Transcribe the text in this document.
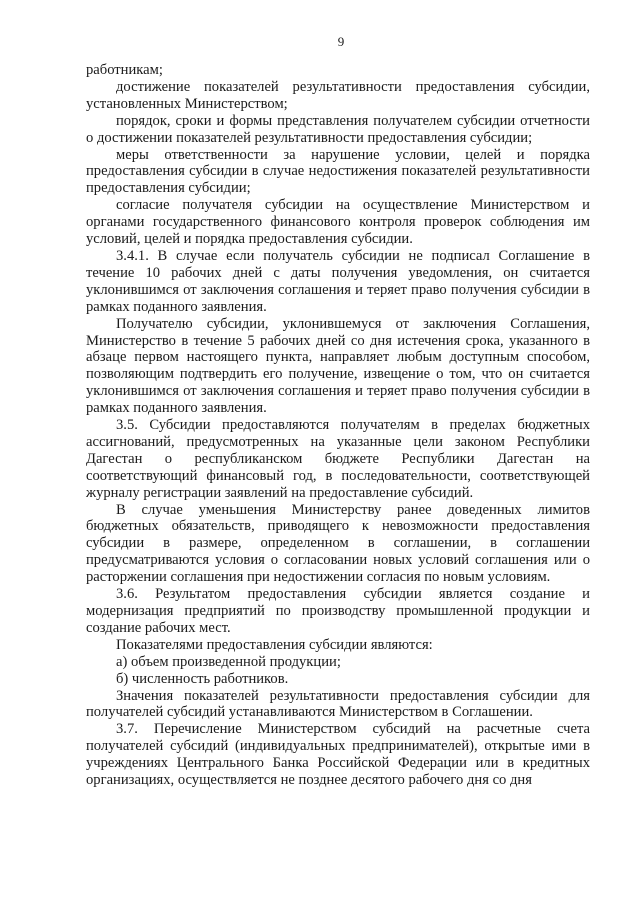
9

работникам;

достижение показателей результативности предоставления субсидии, установленных Министерством;

порядок, сроки и формы представления получателем субсидии отчетности о достижении показателей результативности предоставления субсидии;

меры ответственности за нарушение условии, целей и порядка предоставления субсидии в случае недостижения показателей результативности предоставления субсидии;

согласие получателя субсидии на осуществление Министерством и органами государственного финансового контроля проверок соблюдения им условий, целей и порядка предоставления субсидии.

3.4.1. В случае если получатель субсидии не подписал Соглашение в течение 10 рабочих дней с даты получения уведомления, он считается уклонившимся от заключения соглашения и теряет право получения субсидии в рамках поданного заявления.

Получателю субсидии, уклонившемуся от заключения Соглашения, Министерство в течение 5 рабочих дней со дня истечения срока, указанного в абзаце первом настоящего пункта, направляет любым доступным способом, позволяющим подтвердить его получение, извещение о том, что он считается уклонившимся от заключения соглашения и теряет право получения субсидии в рамках поданного заявления.

3.5. Субсидии предоставляются получателям в пределах бюджетных ассигнований, предусмотренных на указанные цели законом Республики Дагестан о республиканском бюджете Республики Дагестан на соответствующий финансовый год, в последовательности, соответствующей журналу регистрации заявлений на предоставление субсидий.

В случае уменьшения Министерству ранее доведенных лимитов бюджетных обязательств, приводящего к невозможности предоставления субсидии в размере, определенном в соглашении, в соглашении предусматриваются условия о согласовании новых условий соглашения или о расторжении соглашения при недостижении согласия по новым условиям.

3.6. Результатом предоставления субсидии является создание и модернизация предприятий по производству промышленной продукции и создание рабочих мест.

Показателями предоставления субсидии являются:

а) объем произведенной продукции;

б) численность работников.

Значения показателей результативности предоставления субсидии для получателей субсидий устанавливаются Министерством в Соглашении.

3.7. Перечисление Министерством субсидий на расчетные счета получателей субсидий (индивидуальных предпринимателей), открытые ими в учреждениях Центрального Банка Российской Федерации или в кредитных организациях, осуществляется не позднее десятого рабочего дня со дня
